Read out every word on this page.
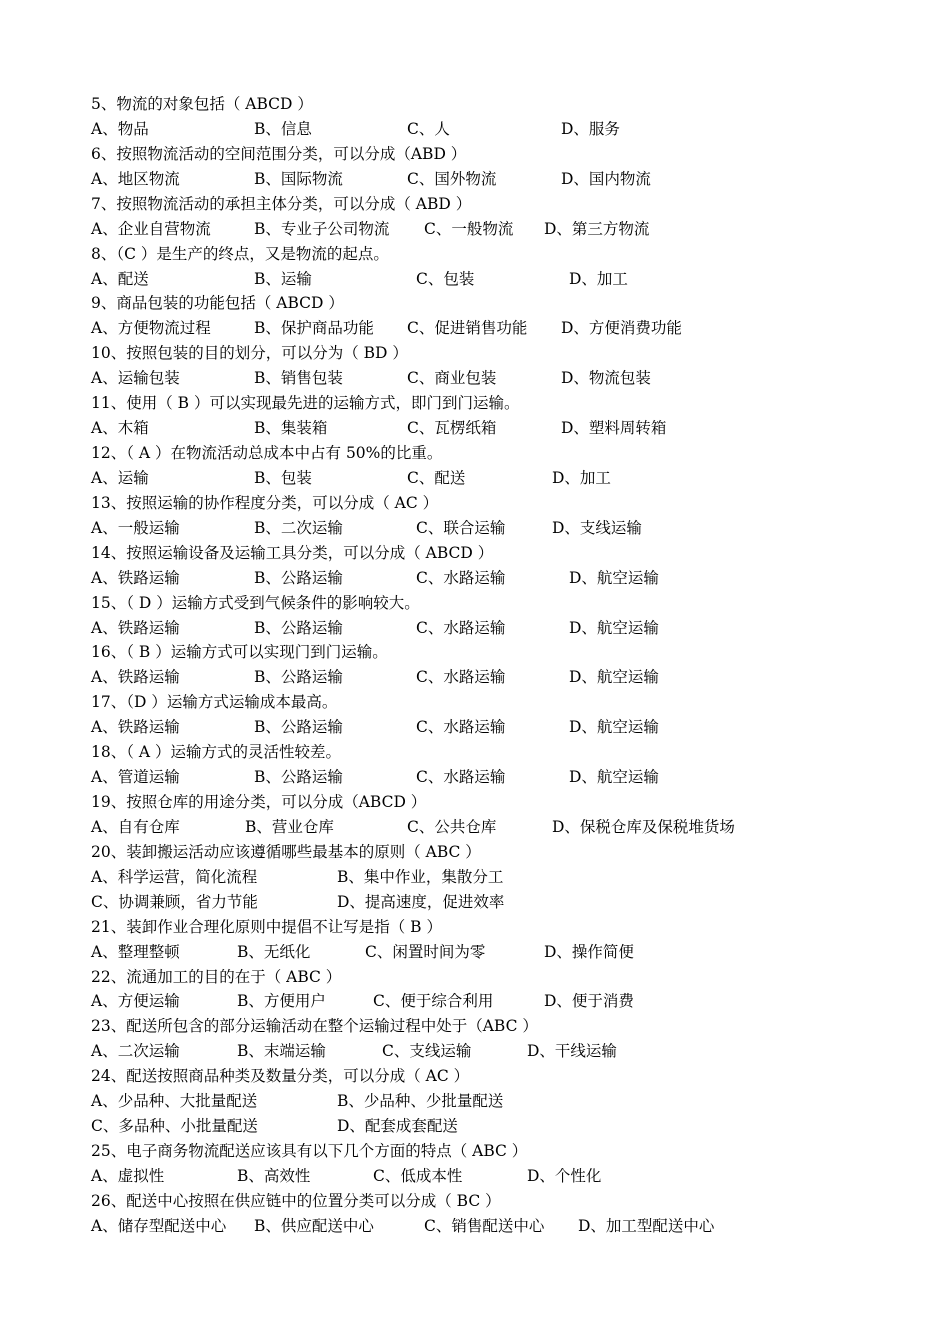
5、物流的对象包括（ ABCD ）
A、物品	B、信息	C、人	D、服务
6、按照物流活动的空间范围分类，可以分成（ABD ）
A、地区物流	B、国际物流	C、国外物流	D、国内物流
7、按照物流活动的承担主体分类，可以分成（ ABD ）
A、企业自营物流	B、专业子公司物流 C、一般物流 D、第三方物流
8、（C ）是生产的终点，又是物流的起点。
A、配送	B、运输	C、包装	D、加工
9、商品包装的功能包括（ ABCD ）
A、方便物流过程	B、保护商品功能 C、促进销售功能 D、方便消费功能
10、按照包装的目的划分，可以分为（ BD ）
A、运输包装	B、销售包装	C、商业包装	D、物流包装
11、使用（ B ）可以实现最先进的运输方式，即门到门运输。
A、木箱	B、集装箱	C、瓦楞纸箱	D、塑料周转箱
12、（ A ）在物流活动总成本中占有 50%的比重。
A、运输	B、包装	C、配送	D、加工
13、按照运输的协作程度分类，可以分成（ AC ）
A、一般运输	B、二次运输	C、联合运输	D、支线运输
14、按照运输设备及运输工具分类，可以分成（ ABCD ）
A、铁路运输	B、公路运输	C、水路运输	D、航空运输
15、（ D ）运输方式受到气候条件的影响较大。
A、铁路运输	B、公路运输	C、水路运输	D、航空运输
16、（ B ）运输方式可以实现门到门运输。
A、铁路运输	B、公路运输	C、水路运输	D、航空运输
17、（D ）运输方式运输成本最高。
A、铁路运输	B、公路运输	C、水路运输	D、航空运输
18、（ A ）运输方式的灵活性较差。
A、管道运输	B、公路运输	C、水路运输	D、航空运输
19、按照仓库的用途分类，可以分成（ABCD ）
A、自有仓库	B、营业仓库	C、公共仓库	D、保税仓库及保税堆货场
20、装卸搬运活动应该遵循哪些最基本的原则（ ABC ）
A、科学运营，简化流程	B、集中作业，集散分工
C、协调兼顾，省力节能	D、提高速度，促进效率
21、装卸作业合理化原则中提倡不让写是指（ B ）
A、整理整顿	B、无纸化	C、闲置时间为零	D、操作简便
22、流通加工的目的在于（ ABC ）
A、方便运输	B、方便用户	C、便于综合利用	D、便于消费
23、配送所包含的部分运输活动在整个运输过程中处于（ABC ）
A、二次运输	B、末端运输	C、支线运输	D、干线运输
24、配送按照商品种类及数量分类，可以分成（ AC ）
A、少品种、大批量配送	B、少品种、少批量配送
C、多品种、小批量配送	D、配套成套配送
25、电子商务物流配送应该具有以下几个方面的特点（ ABC ）
A、虚拟性	B、高效性	C、低成本性	D、个性化
26、配送中心按照在供应链中的位置分类可以分成（ BC ）
A、储存型配送中心 B、供应配送中心	C、销售配送中心 D、加工型配送中心
